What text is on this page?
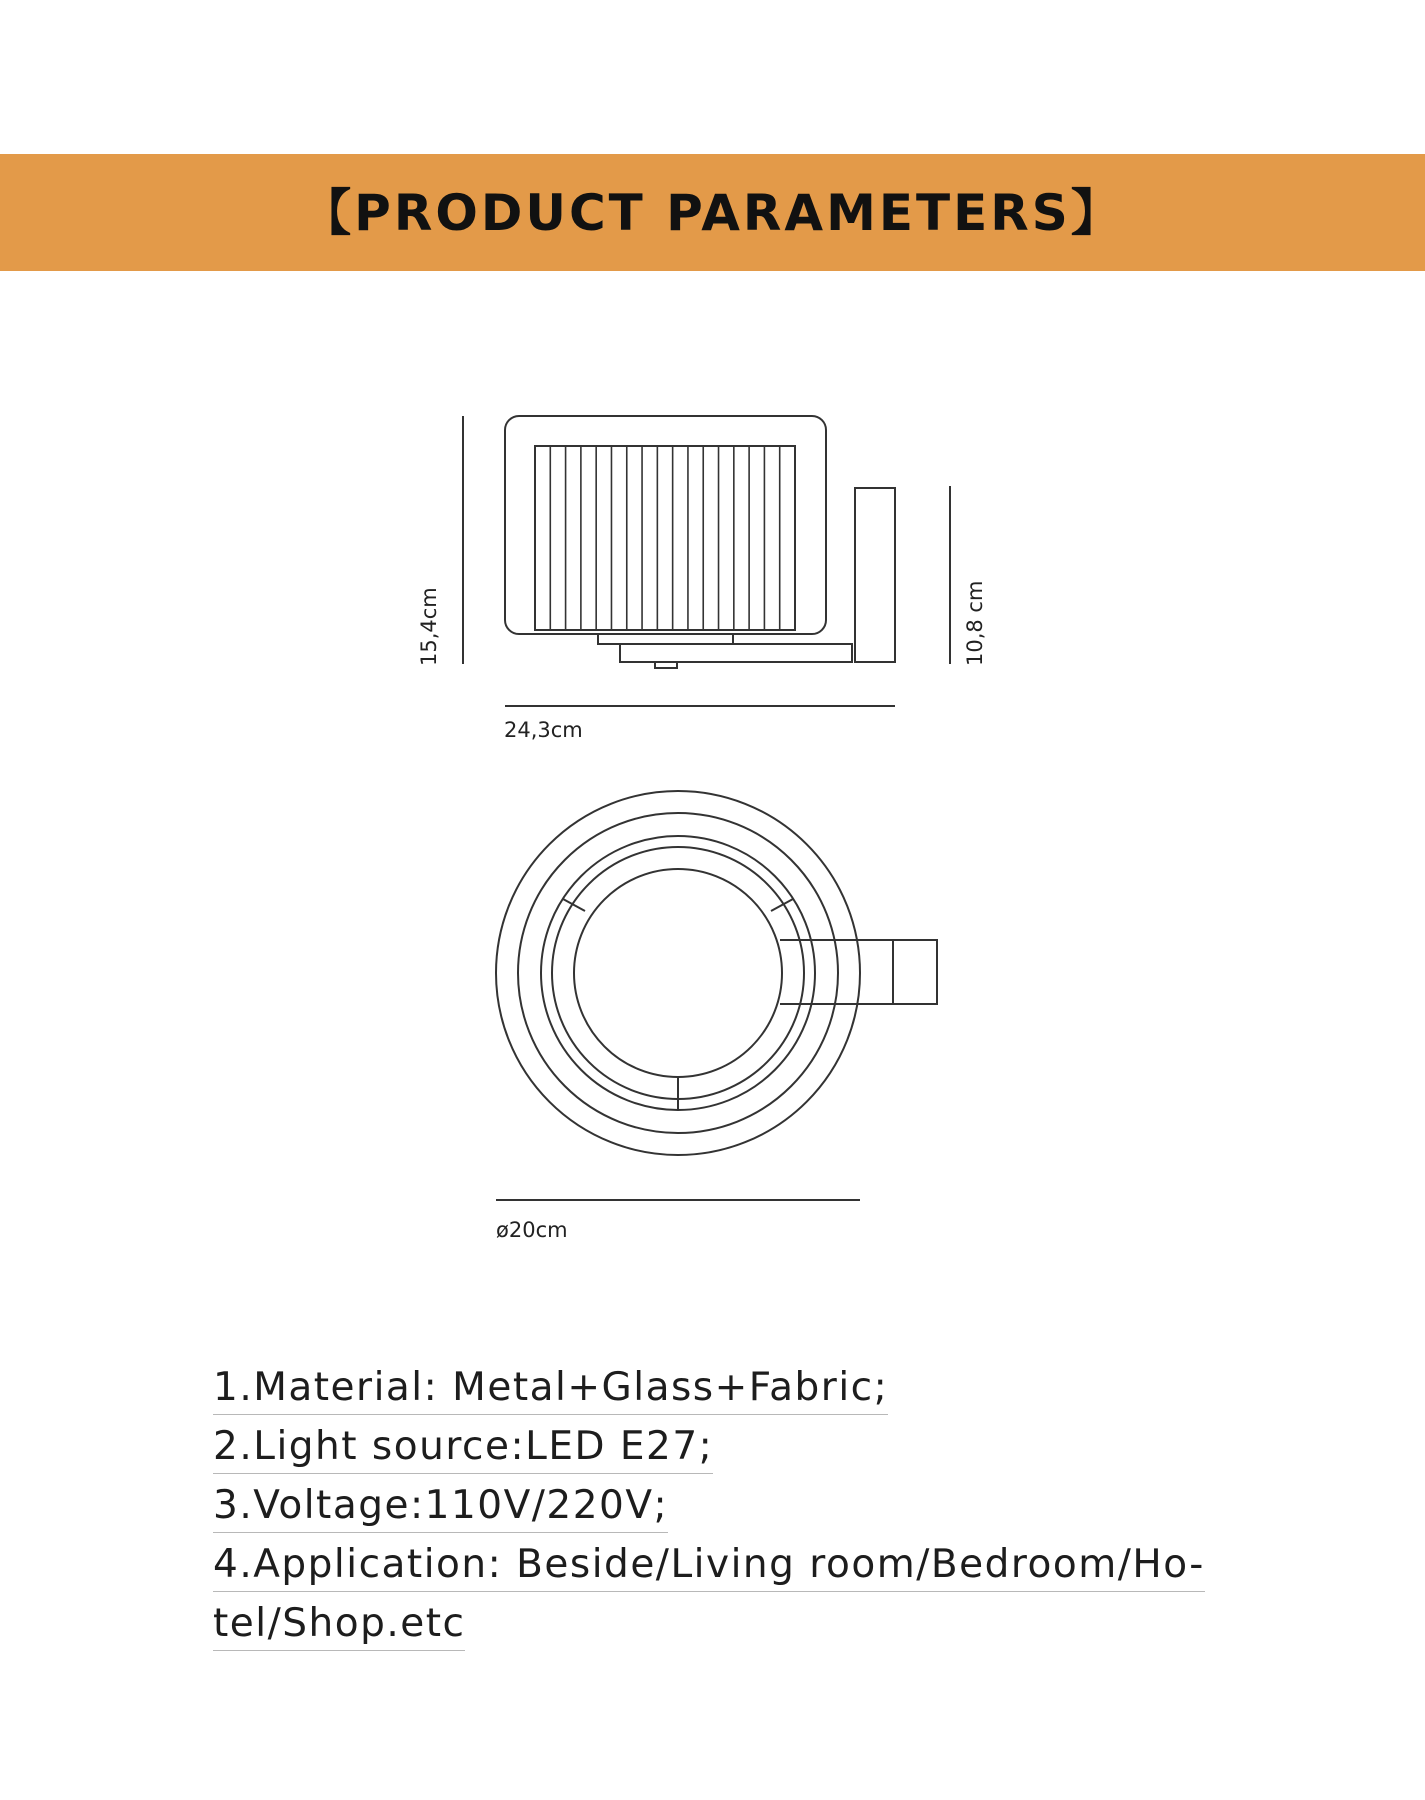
【PRODUCT PARAMETERS】
15,4cm
24,3cm
10,8 cm
ø20cm
1.Material: Metal+Glass+Fabric;
2.Light source:LED E27;
3.Voltage:110V/220V;
4.Application: Beside/Living room/Bedroom/Ho-
tel/Shop.etc
